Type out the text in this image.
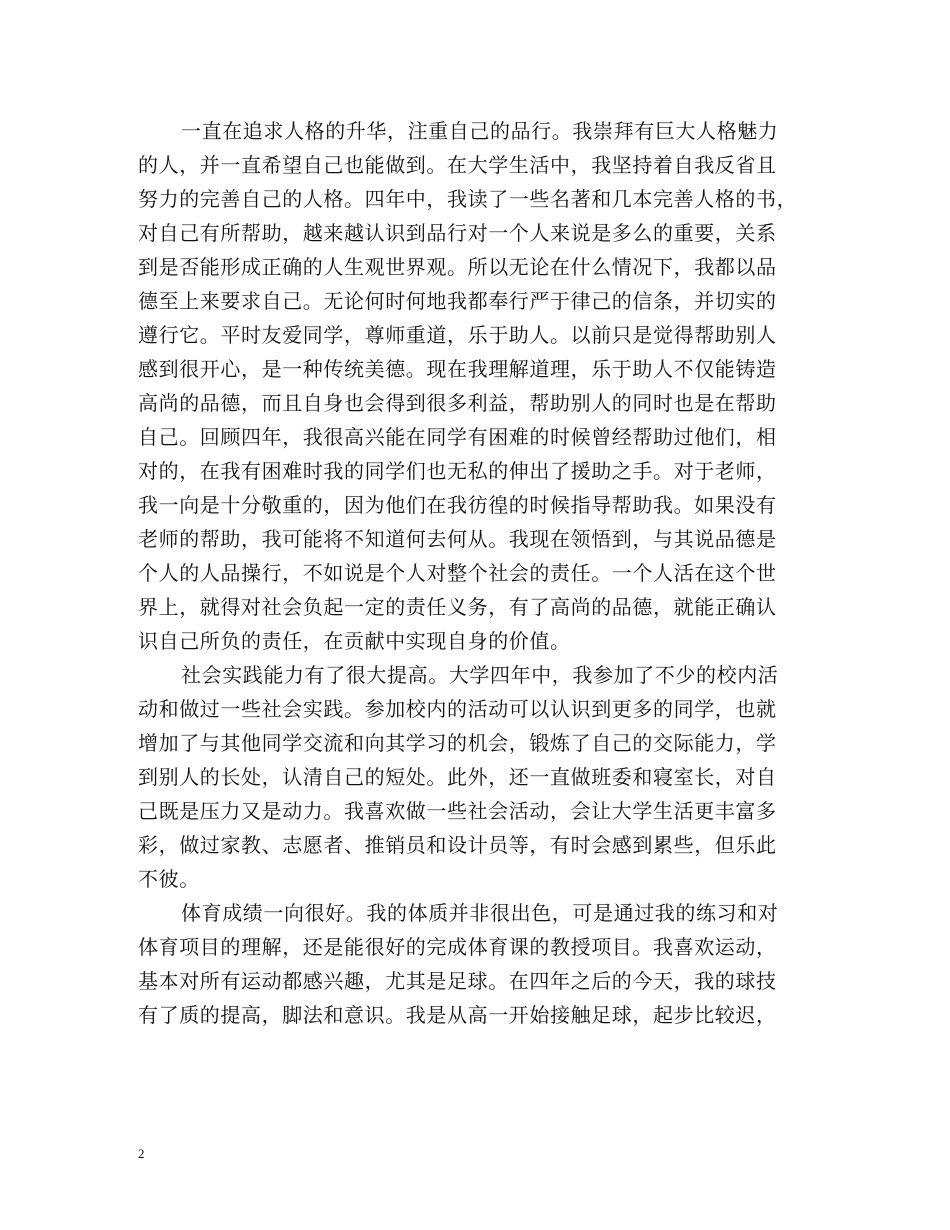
一直在追求人格的升华，注重自己的品行。我崇拜有巨大人格魅力
的人，并一直希望自己也能做到。在大学生活中，我坚持着自我反省且
努力的完善自己的人格。四年中，我读了一些名著和几本完善人格的书，
对自己有所帮助，越来越认识到品行对一个人来说是多么的重要，关系
到是否能形成正确的人生观世界观。所以无论在什么情况下，我都以品
德至上来要求自己。无论何时何地我都奉行严于律己的信条，并切实的
遵行它。平时友爱同学，尊师重道，乐于助人。以前只是觉得帮助别人
感到很开心，是一种传统美德。现在我理解道理，乐于助人不仅能铸造
高尚的品德，而且自身也会得到很多利益，帮助别人的同时也是在帮助
自己。回顾四年，我很高兴能在同学有困难的时候曾经帮助过他们，相
对的，在我有困难时我的同学们也无私的伸出了援助之手。对于老师，
我一向是十分敬重的，因为他们在我彷徨的时候指导帮助我。如果没有
老师的帮助，我可能将不知道何去何从。我现在领悟到，与其说品德是
个人的人品操行，不如说是个人对整个社会的责任。一个人活在这个世
界上，就得对社会负起一定的责任义务，有了高尚的品德，就能正确认
识自己所负的责任，在贡献中实现自身的价值。
社会实践能力有了很大提高。大学四年中，我参加了不少的校内活
动和做过一些社会实践。参加校内的活动可以认识到更多的同学，也就
增加了与其他同学交流和向其学习的机会，锻炼了自己的交际能力，学
到别人的长处，认清自己的短处。此外，还一直做班委和寝室长，对自
己既是压力又是动力。我喜欢做一些社会活动，会让大学生活更丰富多
彩，做过家教、志愿者、推销员和设计员等，有时会感到累些，但乐此
不彼。
体育成绩一向很好。我的体质并非很出色，可是通过我的练习和对
体育项目的理解，还是能很好的完成体育课的教授项目。我喜欢运动，
基本对所有运动都感兴趣，尤其是足球。在四年之后的今天，我的球技
有了质的提高，脚法和意识。我是从高一开始接触足球，起步比较迟，
2
